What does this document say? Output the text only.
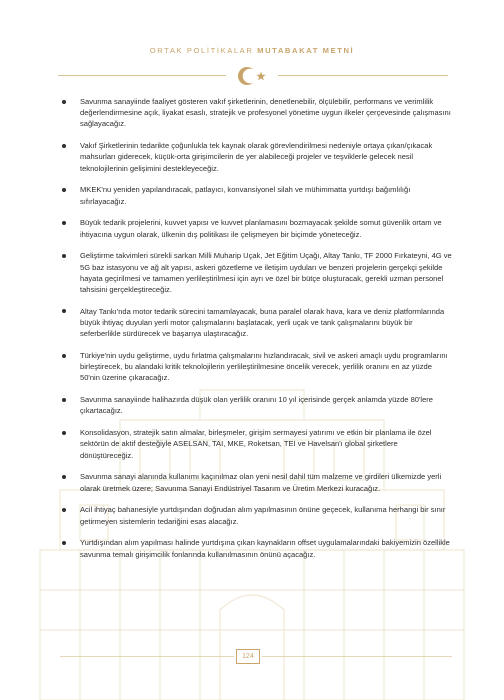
ORTAK POLİTİKALAR MUTABAKAT METNİ
Savunma sanayiinde faaliyet gösteren vakıf şirketlerinin, denetlenebilir, ölçülebilir, performans ve verimlilik değerlendirmesine açık, liyakat esaslı, stratejik ve profesyonel yönetime uygun ilkeler çerçevesinde çalışmasını sağlayacağız.
Vakıf Şirketlerinin tedarikte çoğunlukla tek kaynak olarak görevlendirilmesi nedeniyle ortaya çıkan/çıkacak mahsurları giderecek, küçük-orta girişimcilerin de yer alabileceği projeler ve teşviklerle gelecek nesil teknolojilerinin gelişimini destekleyeceğiz.
MKEK'nu yeniden yapılandıracak, patlayıcı, konvansiyonel silah ve mühimmatta yurtdışı bağımlılığı sıfırlayacağız.
Büyük tedarik projelerini, kuvvet yapısı ve kuvvet planlamasını bozmayacak şekilde somut güvenlik ortam ve ihtiyacına uygun olarak, ülkenin dış politikası ile çelişmeyen bir biçimde yöneteceğiz.
Geliştirme takvimleri sürekli sarkan Milli Muharip Uçak, Jet Eğitim Uçağı, Altay Tankı, TF 2000 Fırkateyni, 4G ve 5G baz istasyonu ve ağ alt yapısı, askeri gözetleme ve iletişim uyduları ve benzeri projelerin gerçekçi şekilde hayata geçirilmesi ve tamamen yerlileştirilmesi için ayrı ve özel bir bütçe oluşturacak, gerekli uzman personel tahsisini gerçekleştireceğiz.
Altay Tankı'nda motor tedarik sürecini tamamlayacak, buna paralel olarak hava, kara ve deniz platformlarında büyük ihtiyaç duyulan yerli motor çalışmalarını başlatacak, yerli uçak ve tank çalışmalarını büyük bir seferberlikle sürdürecek ve başarıya ulaştıracağız.
Türkiye'nin uydu geliştirme, uydu fırlatma çalışmalarını hızlandıracak, sivil ve askeri amaçlı uydu programlarını birleştirecek, bu alandaki kritik teknolojilerin yerlileştirilmesine öncelik verecek, yerlilik oranını en az yüzde 50'nin üzerine çıkaracağız.
Savunma sanayiinde halihazırda düşük olan yerlilik oranını 10 yıl içerisinde gerçek anlamda yüzde 80'lere çıkartacağız.
Konsolidasyon, stratejik satın almalar, birleşmeler, girişim sermayesi yatırımı ve etkin bir planlama ile özel sektörün de aktif desteğiyle ASELSAN, TAI, MKE, Roketsan, TEI ve Havelsan'ı global şirketlere dönüştüreceğiz.
Savunma sanayi alanında kullanımı kaçınılmaz olan yeni nesil dahil tüm malzeme ve girdileri ülkemizde yerli olarak üretmek üzere; Savunma Sanayi Endüstriyel Tasarım ve Üretim Merkezi kuracağız.
Acil ihtiyaç bahanesiyle yurtdışından doğrudan alım yapılmasının önüne geçecek, kullanıma herhangi bir sınır getirmeyen sistemlerin tedariğini esas alacağız.
Yurtdışından alım yapılması halinde yurtdışına çıkan kaynakların offset uygulamalarındaki bakiyemizin özellikle savunma temalı girişimcilik fonlarında kullanılmasının önünü açacağız.
124
